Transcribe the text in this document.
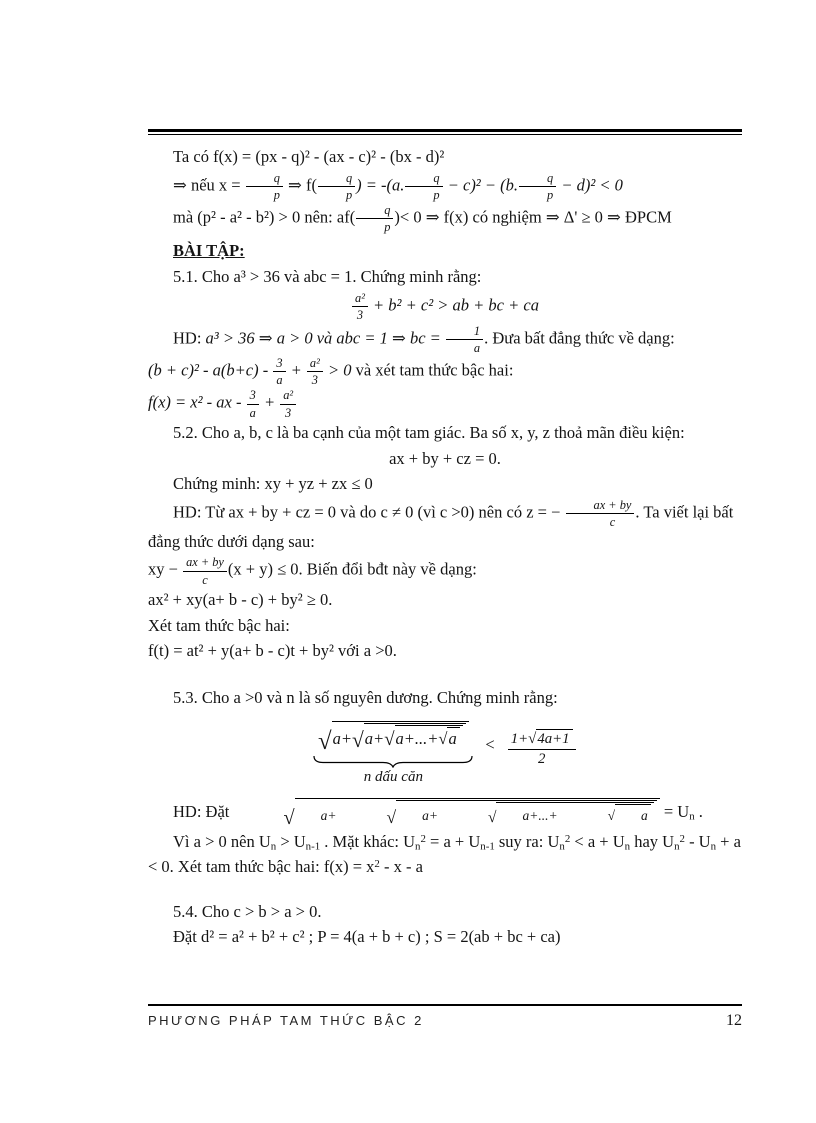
Ta có f(x) = (px - q)² - (ax - c)² - (bx - d)²

⇒ nếu $x = \frac{q}{p}$ ⇒ $f( \frac{q}{p}$ ) = -(a. $\frac{q}{p} - c)^2 - (b$. $\frac{q}{p} - d)^2 < 0$

mà (p² - a² - b²) > 0 nên: $af( \frac{q}{p}$ )< 0 ⇒ f(x) có nghiệm ⇒ Δ' ≥ 0 ⇒ ĐPCM

BÀI TẬP:

5.1. Cho a³ > 36 và abc = 1. Chứng minh rằng:

$\frac{\text{a²}}{3} + b^2 + c^2$ > ab + bc + ca

HD: a³ > 36 ⇒ a > 0 và abc = 1 ⇒ bc = $\frac{1}{a}$ . Đưa bất đẳng thức về dạng:

$(b + c)^2 - a(b+c) - \frac{3}{a} + \frac{\text{a²}}{3} > 0$ và xét tam thức bậc hai:

f(x) = x² - ax - $\frac{3}{a} + \frac{\text{a²}}{3}$

5.2. Cho a, b, c là ba cạnh của một tam giác. Ba số x, y, z thoả mãn điều kiện:

ax + by + cz = 0.

Chứng minh: xy + yz + zx ≤ 0

HD: Từ ax + by + cz = 0 và do c ≠ 0 (vì c >0) nên có z = − $\frac{ax + by}{c}$ . Ta viết lại bất đẳng thức dưới dạng sau:

xy − $\frac{ax + by}{c} (x + y) \le 0$. Biến đổi bđt này về dạng:

ax² + xy(a+ b - c) + by² ≥ 0.

Xét tam thức bậc hai:

f(t) = at² + y(a+ b - c)t + by² với a >0.

5.3. Cho a >0 và n là số nguyên dương. Chứng minh rằng:

√a+√a+√a+...+√a
n dấu căn
< $\frac{1+√4a+1}{2}$

HD: Đặt √ a+	√ a+	√ a+...+	√ a = Un .

Vì a > 0 nên Un > Un-1 . Mặt khác: $Un^2 = a + Un-1$ suy ra: $Un^2 < a + Un$ hay Un$^2$ - Un + a < 0. Xét tam thức bậc hai: $f(x) = x^2 - x - a$

5.4. Cho c > b > a > 0.

Đặt d² = a² + b² + c² ; P = 4(a + b + c) ; S = 2(ab + bc + ca)

PHƯƠNG PHÁP TAM THỨC BẬC 2	12
